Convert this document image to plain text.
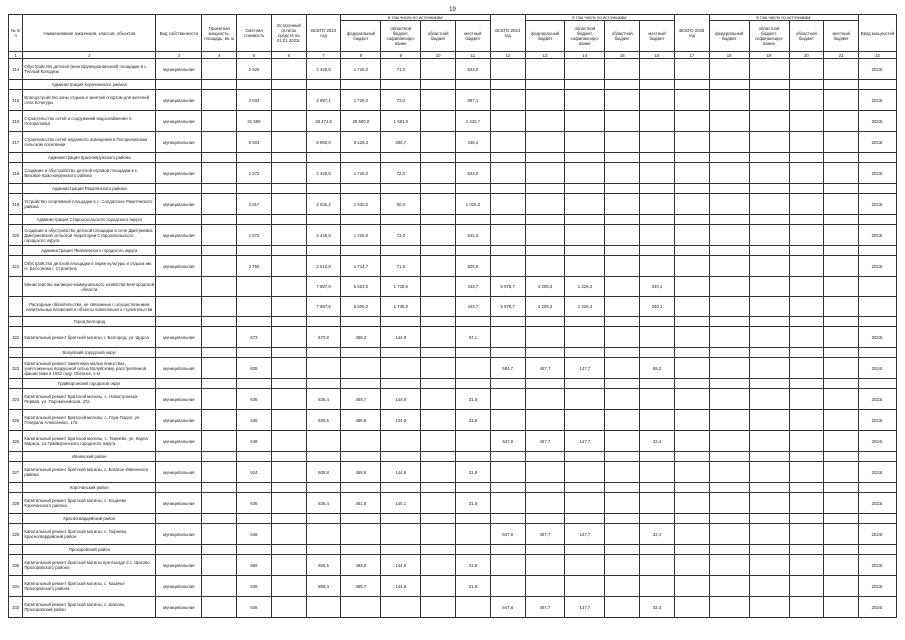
19
№ п/п	Наименование заказчиков, классов, объектов	Вид собственности	Проектная мощность, площадь, кв. м	Сметная стоимость	Остаточный остаток средств на 01.01.2023г.	ВСЕГО 2023 год	в том числе по источникам:				ВСЕГО 2024 год	в том числе по источникам:				ВСЕГО 2025 год	в том числе по источникам:				Ввод мощностей
							федеральный бюджет	областной бюджет, софинансиро-вание	областной бюджет	местный бюджет		федеральный бюджет	областной бюджет, софинансиро-вание	областной бюджет	местный бюджет		федеральный бюджет	областной бюджет, софинансиро-вание	областной бюджет	местный бюджет	
1	2	3	4	5	6	7	8	9	10	11	12	13	14	15	16	17	18	19	20	21	22
314	Обустройство детской (многофункциональной) площадки в с. Теплый Колодезь	муниципальная		2 625		2 440,0	1 726,0	71,0		643,0											2023г.
	Администрация Корочанского района																				
315	Благоустройство зоны отдыха и занятий спортом для жителей села Кочегуры	муниципальная		2 834		2 697,1	1 728,0	72,0		897,1											2023г.
316	Строительство сетей и сооружений водоснабжения п. Погореловка	муниципальная		31 599		28 474,6	25 500,0	1 681,9		1 432,7											2023г.
317	Строительство сетей наружного освещения в Погореловском сельском поселении	муниципальная		8 903		8 960,0	8 125,3	398,7		446,4											2023г.
	Администрация Краснояружского района																				
318	Создание и обустройство детской игровой площадки в с. Вязовое Краснояружского района	муниципальная		2 572		2 440,0	1 726,0	72,0		643,0											2023г.
	Администрация Ракитянского района																				
319	Устройство спортивной площадки в с. Солдатское Ракитянского района	муниципальная		2 817		2 636,2	1 530,0	60,0		1 029,2											2023г.
	Администрация Старооскольского городского округа																				
320	Создание и обустройство детской площадки в селе Дмитриевка Дмитриевской сельской территории Старооскольского городского округа	муниципальная		2 572		2 440,0	1 726,0	72,0		641,0											2023г.
	Администрация Яковлевского городского округа																				
321	Обустройство детской площадки в парке культуры и отдыха им. Н. Бессонова г. Строитель	муниципальная		2 750		2 610,8	1 714,7	71,5		625,0											2023г.
	Министерство жилищно-коммунального хозяйства Белгородской области					7 687,6	5 503,0	1 738,9		443,7	5 978,7	4 209,3	1 329,3		340,1						
	Расходные обязательства, не связанные с осуществлением капитальных вложений в объекты капитального строительства					7 687,6	5 505,0	1 738,9		443,7	5 978,7	4 209,3	1 329,3		340,1						
	Город Белгород																				
322	Капитальный ремонт братской могилы, г. Белгород, ул. Щорса	муниципальная		673		670,8	458,2	144,9		67,1											2023г.
	Валуйский городской округ																				
323	Капитальный ремонт памятника малых воинствах, уничтоженных воздушной сетью Валуйскому, расстрелянной фашистами в 1942 году, Обелиск, 1-м	муниципальная		635							584,7	457,7	147,7		59,2						2024г.
	Грайворонский городской округ																				
324	Капитальный ремонт Братской могилы, с. Новостроевка-Первая, ул. Пароменейская, 37а	муниципальная		636		635,4	458,7	144,9		31,8											2023г.
325	Капитальный ремонт Братской могилы, с. Гора-Подол, ул. Генерала Алексеенко, 17а	муниципальная		636		635,5	458,8	144,9		31,8											2023г.
326	Капитальный ремонт Братской могилы, с. Тюрнево, ул. Карла Маркса, 1а Грайворонского городского округа	муниципальная		648							647,8	467,7	147,7		32,4						2024г.
	Ивнянский район																				
327	Капитальный ремонт братской могилы, с. Богатое Ивнянского района	муниципальная		624		608,8	458,8	144,9		31,8											2023г.
	Корочанский район																				
328	Капитальный ремонт братской могилы, с. Кощеево Корочанского района	муниципальная		636		635,4	451,8	145,1		31,8											2023г.
	Красногвардейский район																				
329	Капитальный ремонт братской могилы, с. Тюрнево, Красногвардейский район	муниципальная		648							647,8	467,7	147,7		32,4						2024г.
	Прохоровский район																				
330	Капитальный ремонт братской могилы при въезде в с. Шахово Прохоровского района	муниципальная		666		665,5	488,8	144,9		31,8											2023г.
331	Капитальный ремонт братской могилы, с. Казачье Прохоровского района	муниципальная		636		898,4	458,7	144,9		31,8											2023г.
332	Капитальный ремонт братской могилы, с. Шахово, Прохоровский район	муниципальная		648							647,8	467,7	147,7		32,4						2024г.
